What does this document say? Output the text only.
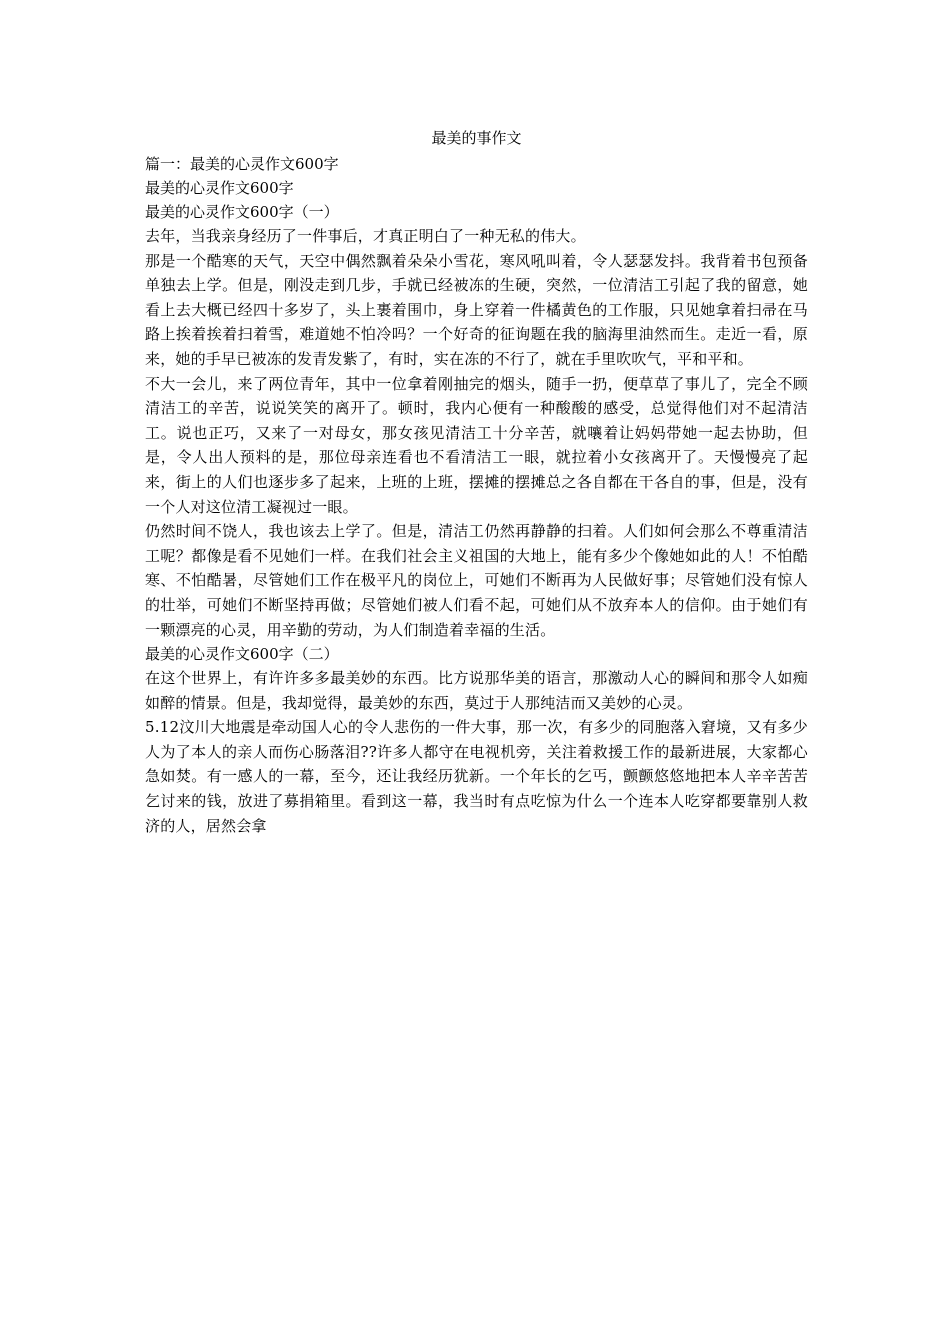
最美的事作文
篇一：最美的心灵作文600字
最美的心灵作文600字
最美的心灵作文600字（一）
去年，当我亲身经历了一件事后，才真正明白了一种无私的伟大。
那是一个酷寒的天气，天空中偶然飘着朵朵小雪花，寒风吼叫着，令人瑟瑟发抖。我背着书包预备单独去上学。但是，刚没走到几步，手就已经被冻的生硬，突然，一位清洁工引起了我的留意，她看上去大概已经四十多岁了，头上裹着围巾，身上穿着一件橘黄色的工作服，只见她拿着扫帚在马路上挨着挨着扫着雪，难道她不怕冷吗？一个好奇的征询题在我的脑海里油然而生。走近一看，原来，她的手早已被冻的发青发紫了，有时，实在冻的不行了，就在手里吹吹气，平和平和。
不大一会儿，来了两位青年，其中一位拿着刚抽完的烟头，随手一扔，便草草了事儿了，完全不顾清洁工的辛苦，说说笑笑的离开了。顿时，我内心便有一种酸酸的感受，总觉得他们对不起清洁工。说也正巧，又来了一对母女，那女孩见清洁工十分辛苦，就嚷着让妈妈带她一起去协助，但是，令人出人预料的是，那位母亲连看也不看清洁工一眼，就拉着小女孩离开了。天慢慢亮了起来，街上的人们也逐步多了起来，上班的上班，摆摊的摆摊总之各自都在干各自的事，但是，没有一个人对这位清工凝视过一眼。
仍然时间不饶人，我也该去上学了。但是，清洁工仍然再静静的扫着。人们如何会那么不尊重清洁工呢？都像是看不见她们一样。在我们社会主义祖国的大地上，能有多少个像她如此的人！不怕酷寒、不怕酷暑，尽管她们工作在极平凡的岗位上，可她们不断再为人民做好事；尽管她们没有惊人的壮举，可她们不断坚持再做；尽管她们被人们看不起，可她们从不放弃本人的信仰。由于她们有一颗漂亮的心灵，用辛勤的劳动，为人们制造着幸福的生活。
最美的心灵作文600字（二）
在这个世界上，有许许多多最美妙的东西。比方说那华美的语言，那激动人心的瞬间和那令人如痴如醉的情景。但是，我却觉得，最美妙的东西，莫过于人那纯洁而又美妙的心灵。
5.12汶川大地震是牵动国人心的令人悲伤的一件大事，那一次，有多少的同胞落入窘境，又有多少人为了本人的亲人而伤心肠落泪??许多人都守在电视机旁，关注着救援工作的最新进展，大家都心急如焚。有一感人的一幕，至今，还让我经历犹新。一个年长的乞丐，颤颤悠悠地把本人辛辛苦苦乞讨来的钱，放进了募捐箱里。看到这一幕，我当时有点吃惊为什么一个连本人吃穿都要靠别人救济的人，居然会拿
